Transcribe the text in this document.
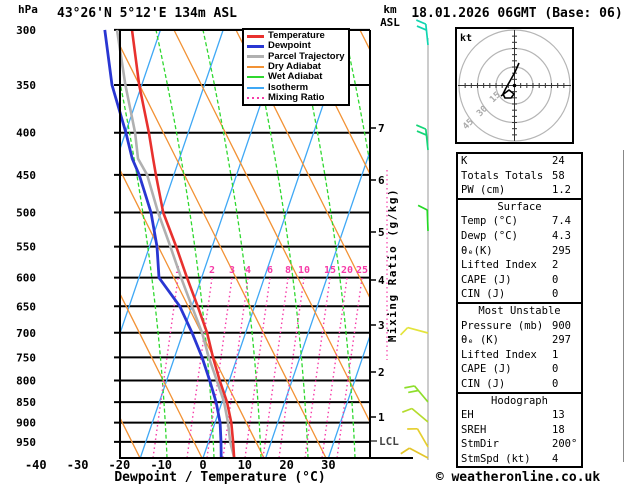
300
350
400
450
500
550
600
650
700
750
800
850
900
950
1	2 3 4 6 8 10 15 20 25
-40 -30 -20 -10 0	10 20 30
1
2
3
4
5
6
7
LCL
Mixing Ratio (g/kg)
15
30
45
kt
hPa 43°26'N 5°12'E 134m ASL	km
ASL
18.01.2026 06GMT (Base: 06)
Temperature
Dewpoint
Parcel Trajectory
Dry Adiabat
Wet Adiabat
Isotherm
Mixing Ratio
K	24
Totals Totals 58
PW (cm)	1.2
Surface
Temp (°C)	7.4
Dewp (°C)	4.3
θₑ(K)	295
Lifted Index 2
CAPE (J)	0
CIN (J)	0
Most Unstable
Pressure (mb) 900
θₑ (K)	297
Lifted Index 1
CAPE (J)	0
CIN (J)	0
Hodograph
EH	13
SREH	18
StmDir	200°
StmSpd (kt) 4
Dewpoint / Temperature (°C)	© weatheronline.co.uk
